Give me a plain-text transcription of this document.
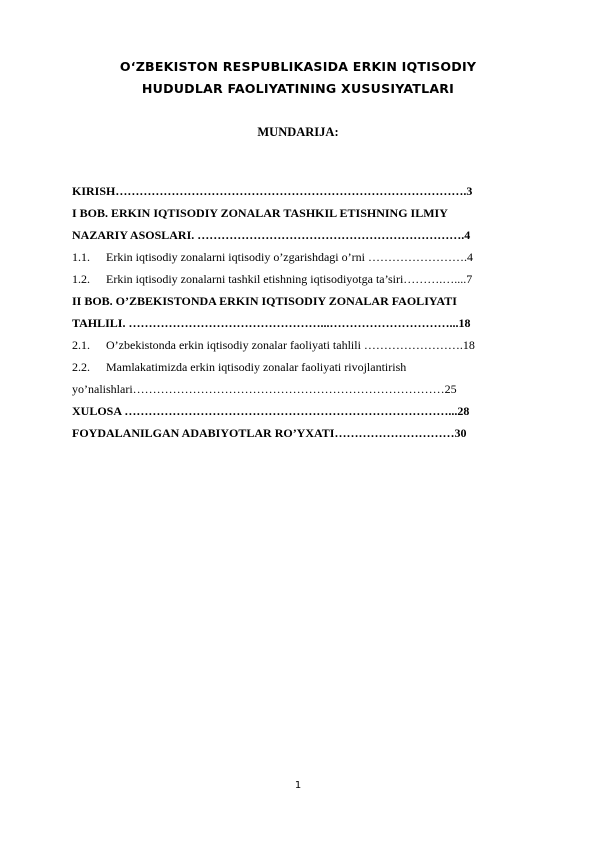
O‘ZBEKISTON RESPUBLIKASIDA ERKIN IQTISODIY
HUDUDLAR FAOLIYATINING XUSUSIYATLARI
MUNDARIJA:
KIRISH…………………………………………………………………………….3
I BOB. ERKIN IQTISODIY ZONALAR TASHKIL ETISHNING ILMIY
NAZARIY ASOSLARI. ………………………………………………………….4
1.1. Erkin iqtisodiy zonalarni iqtisodiy o’zgarishdagi o’rni …………………….4
1.2. Erkin iqtisodiy zonalarni tashkil etishning iqtisodiyotga ta’siri……….…....7
II BOB. O’ZBEKISTONDA ERKIN IQTISODIY ZONALAR FAOLIYATI
TAHLILI. …………………………………………...…………………………...18
2.1. O’zbekistonda erkin iqtisodiy zonalar faoliyati tahlili …………………….18
2.2. Mamlakatimizda erkin iqtisodiy zonalar faoliyati rivojlantirish
yo’nalishlari……………………………………………………………………25
XULOSA ………………………………………………………………………...28
FOYDALANILGAN ADABIYOTLAR RO’YXATI…………………………30
1
